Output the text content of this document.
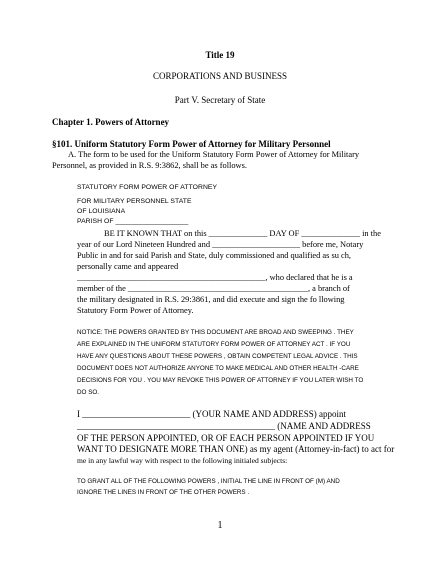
Title 19
CORPORATIONS AND BUSINESS
Part V. Secretary of State
Chapter 1. Powers of Attorney
§101. Uniform Statutory Form Power of Attorney for Military Personnel
A. The form to be used for the Uniform Statutory Form Power of Attorney for Military
Personnel, as provided in R.S. 9:3862, shall be as follows.
STATUTORY FORM POWER OF ATTORNEY
FOR MILITARY PERSONNEL STATE
OF LOUISIANA
PARISH OF ___________________
BE IT KNOWN THAT on this ______________ DAY OF ______________ in the
year of our Lord Nineteen Hundred and _____________________ before me, Notary
Public in and for said Parish and State, duly commissioned and qualified as su ch,
personally came and appeared
_____________________________________________, who declared that he is a
member of the ___________________________________________, a branch of
the military designated in R.S. 29:3861, and did execute and sign the fo llowing
Statutory Form Power of Attorney.
NOTICE: THE POWERS GRANTED BY THIS DOCUMENT ARE BROAD AND SWEEPING . THEY
ARE EXPLAINED IN THE UNIFORM STATUTORY FORM POWER OF ATTORNEY ACT . IF YOU
HAVE ANY QUESTIONS ABOUT THESE POWERS , OBTAIN COMPETENT LEGAL ADVICE . THIS
DOCUMENT DOES NOT AUTHORIZE ANYONE TO MAKE MEDICAL AND OTHER HEALTH -CARE
DECISIONS FOR YOU . YOU MAY REVOKE THIS POWER OF ATTORNEY IF YOU LATER WISH TO
DO SO.
I ________________________ (YOUR NAME AND ADDRESS) appoint
____________________________________________ (NAME AND ADDRESS
OF THE PERSON APPOINTED, OR OF EACH PERSON APPOINTED IF YOU
WANT TO DESIGNATE MORE THAN ONE) as my agent (Attorney-in-fact) to act for
me in any lawful way with respect to the following initialed subjects:
TO GRANT ALL OF THE FOLLOWING POWERS , INITIAL THE LINE IN FRONT OF (M) AND
IGNORE THE LINES IN FRONT OF THE OTHER POWERS .
1
